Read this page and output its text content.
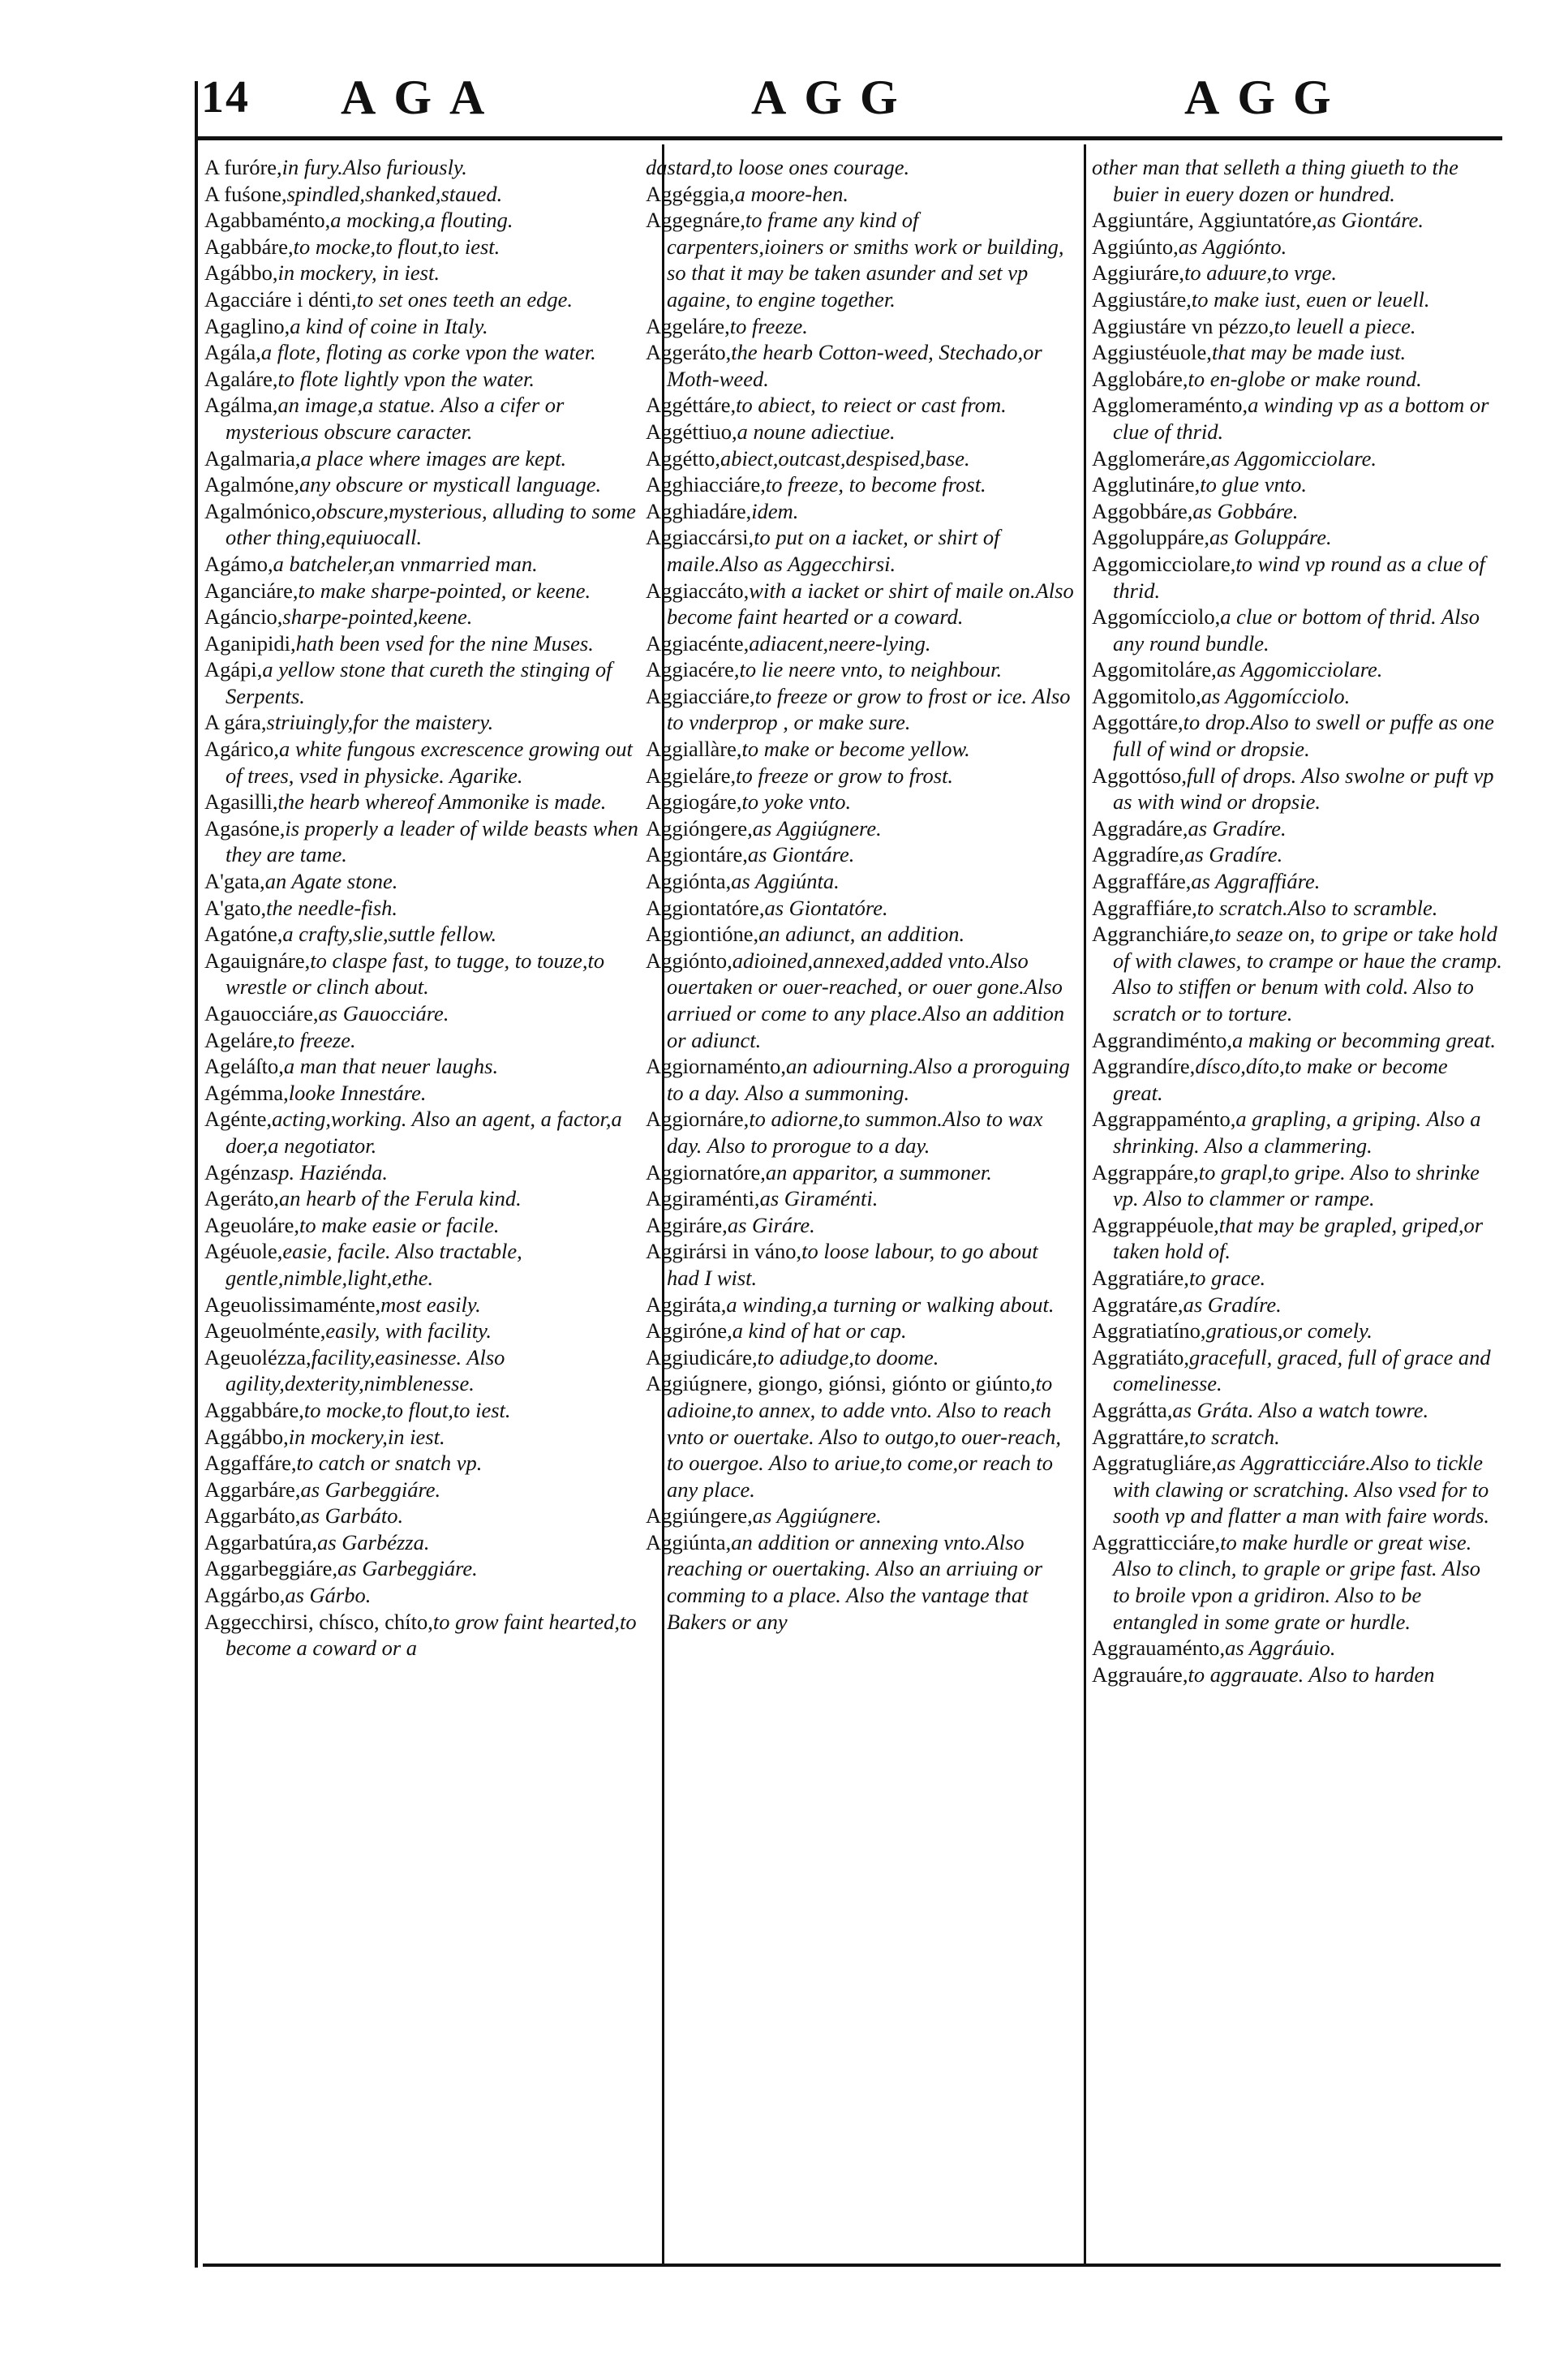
14 AGA	AGG	AGG
A furóre,in fury.Also furiously.
A fuśone,spindled,shanked,staued.
Agabbaménto,a mocking,a flouting.
Agabbáre,to mocke,to flout,to iest.
Agábbo,in mockery, in iest.
Agacciáre i dénti,to set ones teeth an edge.
Agaglino,a kind of coine in Italy.
Agála,a flote, floting as corke vpon the water.
Agaláre,to flote lightly vpon the water.
Agálma,an image,a statue. Also a cifer or mysterious obscure caracter.
Agalmaria,a place where images are kept.
Agalmóne,any obscure or mysticall language.
Agalmónico,obscure,mysterious, alluding to some other thing,equiuocall.
Agámo,a batcheler,an vnmarried man.
Aganciáre,to make sharpe-pointed, or keene.
Agáncio,sharpe-pointed,keene.
Aganipidi,hath been vsed for the nine Muses.
Agápi,a yellow stone that cureth the stinging of Serpents.
A gára,striuingly,for the maistery.
Agárico,a white fungous excrescence growing out of trees, vsed in physicke. Agarike.
Agasilli,the hearb whereof Ammonike is made.
Agasóne,is properly a leader of wilde beasts when they are tame.
A'gata,an Agate stone.
A'gato,the needle-fish.
Agatóne,a crafty,slie,suttle fellow.
Agauignáre,to claspe fast, to tugge, to touze,to wrestle or clinch about.
Agauocciáre,as Gauocciáre.
Ageláre,to freeze.
Ageláſto,a man that neuer laughs.
Agémma,looke Innestáre.
Agénte,acting,working. Also an agent, a factor,a doer,a negotiator.
Agénzasp. Haziénda.
Ageráto,an hearb of the Ferula kind.
Ageuoláre,to make easie or facile.
Agéuole,easie, facile. Also tractable, gentle,nimble,light,ethe.
Ageuolissimaménte,most easily.
Ageuolménte,easily, with facility.
Ageuolézza,facility,easinesse. Also agility,dexterity,nimblenesse.
Aggabbáre,to mocke,to flout,to iest.
Aggábbo,in mockery,in iest.
Aggaffáre,to catch or snatch vp.
Aggarbáre,as Garbeggiáre.
Aggarbáto,as Garbáto.
Aggarbatúra,as Garbézza.
Aggarbeggiáre,as Garbeggiáre.
Aggárbo,as Gárbo.
Aggecchirsi, chísco, chíto,to grow faint hearted,to become a coward or a
dastard,to loose ones courage.
Aggéggia,a moore-hen.
Aggegnáre,to frame any kind of carpenters,ioiners or smiths work or building, so that it may be taken asunder and set vp againe, to engine together.
Aggeláre,to freeze.
Aggeráto,the hearb Cotton-weed, Stechado,or Moth-weed.
Aggéttáre,to abiect, to reiect or cast from.
Aggéttiuo,a noune adiectiue.
Aggétto,abiect,outcast,despised,base.
Agghiacciáre,to freeze, to become frost.
Agghiadáre,idem.
Aggiaccársi,to put on a iacket, or shirt of maile.Also as Aggecchirsi.
Aggiaccáto,with a iacket or shirt of maile on.Also become faint hearted or a coward.
Aggiacénte,adiacent,neere-lying.
Aggiacére,to lie neere vnto, to neighbour.
Aggiacciáre,to freeze or grow to frost or ice. Also to vnderprop , or make sure.
Aggiallàre,to make or become yellow.
Aggieláre,to freeze or grow to frost.
Aggiogáre,to yoke vnto.
Aggióngere,as Aggiúgnere.
Aggiontáre,as Giontáre.
Aggiónta,as Aggiúnta.
Aggiontatóre,as Giontatóre.
Aggiontióne,an adiunct, an addition.
Aggiónto,adioined,annexed,added vnto.Also ouertaken or ouer-reached, or ouer gone.Also arriued or come to any place.Also an addition or adiunct.
Aggiornaménto,an adiourning.Also a proroguing to a day. Also a summoning.
Aggiornáre,to adiorne,to summon.Also to wax day. Also to prorogue to a day.
Aggiornatóre,an apparitor, a summoner.
Aggiraménti,as Giraménti.
Aggiráre,as Giráre.
Aggirársi in váno,to loose labour, to go about had I wist.
Aggiráta,a winding,a turning or walking about.
Aggiróne,a kind of hat or cap.
Aggiudicáre,to adiudge,to doome.
Aggiúgnere, giongo, giónsi, giónto or giúnto,to adioine,to annex, to adde vnto. Also to reach vnto or ouertake. Also to outgo,to ouer-reach, to ouergoe. Also to ariue,to come,or reach to any place.
Aggiúngere,as Aggiúgnere.
Aggiúnta,an addition or annexing vnto.Also reaching or ouertaking. Also an arriuing or comming to a place. Also the vantage that Bakers or any
other man that selleth a thing giueth to the buier in euery dozen or hundred.
Aggiuntáre, Aggiuntatóre,as Giontáre.
Aggiúnto,as Aggiónto.
Aggiuráre,to aduure,to vrge.
Aggiustáre,to make iust, euen or leuell.
Aggiustáre vn pézzo,to leuell a piece.
Aggiustéuole,that may be made iust.
Agglobáre,to en-globe or make round.
Agglomeraménto,a winding vp as a bottom or clue of thrid.
Agglomeráre,as Aggomicciolare.
Agglutináre,to glue vnto.
Aggobbáre,as Gobbáre.
Aggoluppáre,as Goluppáre.
Aggomicciolare,to wind vp round as a clue of thrid.
Aggomícciolo,a clue or bottom of thrid. Also any round bundle.
Aggomitoláre,as Aggomicciolare.
Aggomitolo,as Aggomícciolo.
Aggottáre,to drop.Also to swell or puffe as one full of wind or dropsie.
Aggottóso,full of drops. Also swolne or puft vp as with wind or dropsie.
Aggradáre,as Gradíre.
Aggradíre,as Gradíre.
Aggraffáre,as Aggraffiáre.
Aggraffiáre,to scratch.Also to scramble.
Aggranchiáre,to seaze on, to gripe or take hold of with clawes, to crampe or haue the cramp. Also to stiffen or benum with cold. Also to scratch or to torture.
Aggrandiménto,a making or becomming great.
Aggrandíre,dísco,díto,to make or become great.
Aggrappaménto,a grapling, a griping. Also a shrinking. Also a clammering.
Aggrappáre,to grapl,to gripe. Also to shrinke vp. Also to clammer or rampe.
Aggrappéuole,that may be grapled, griped,or taken hold of.
Aggratiáre,to grace.
Aggratáre,as Gradíre.
Aggratiatíno,gratious,or comely.
Aggratiáto,gracefull, graced, full of grace and comelinesse.
Aggrátta,as Gráta. Also a watch towre.
Aggrattáre,to scratch.
Aggratugliáre,as Aggratticciáre.Also to tickle with clawing or scratching. Also vsed for to sooth vp and flatter a man with faire words.
Aggratticciáre,to make hurdle or great wise. Also to clinch, to graple or gripe fast. Also to broile vpon a gridiron. Also to be entangled in some grate or hurdle.
Aggrauaménto,as Aggráuio.
Aggrauáre,to aggrauate. Also to harden
